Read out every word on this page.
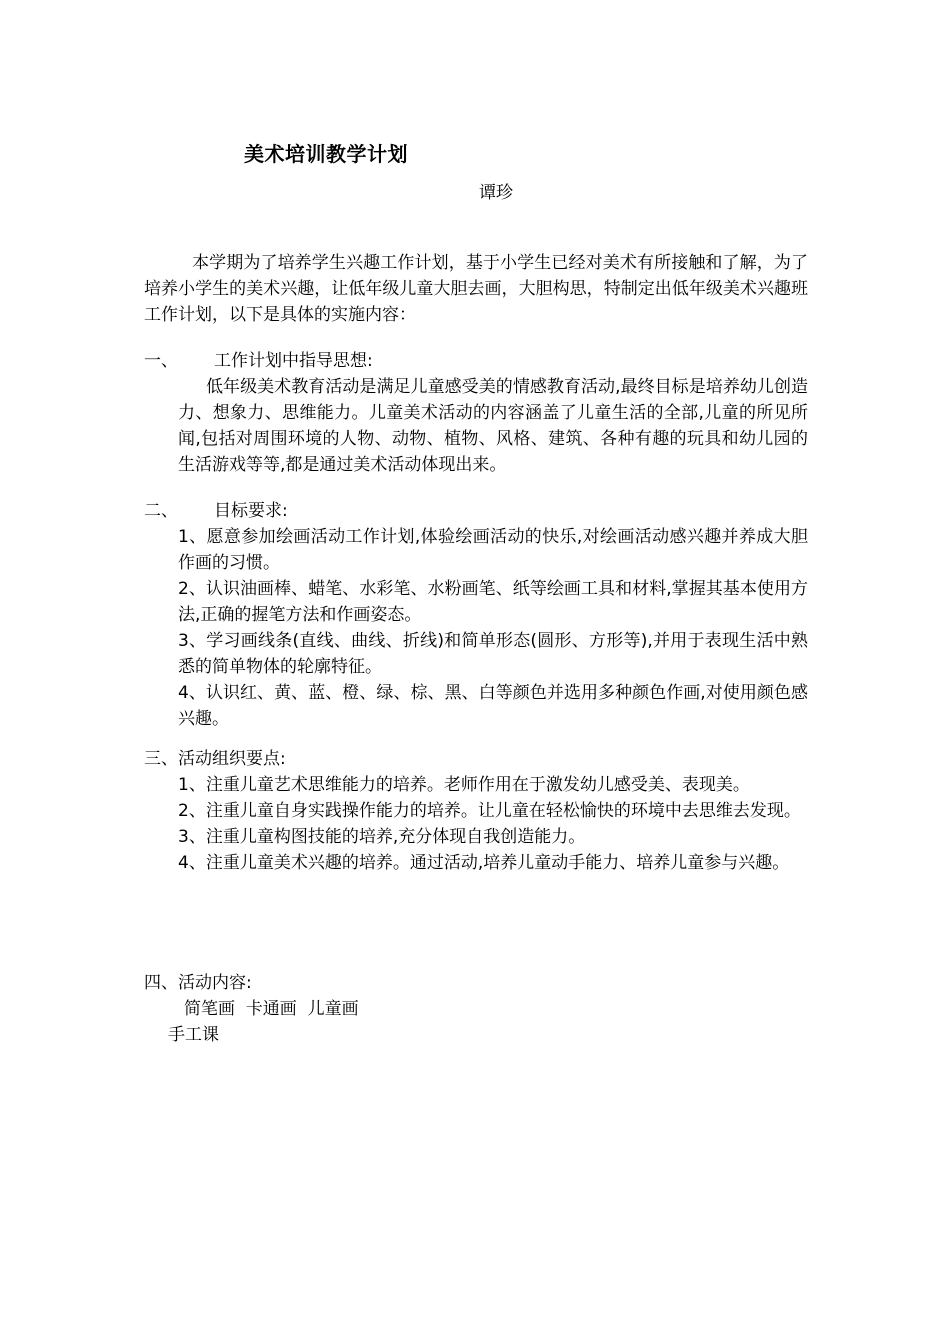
美术培训教学计划
谭珍
本学期为了培养学生兴趣工作计划，基于小学生已经对美术有所接触和了解，为了培养小学生的美术兴趣，让低年级儿童大胆去画，大胆构思，特制定出低年级美术兴趣班工作计划，以下是具体的实施内容：
一、	工作计划中指导思想:
低年级美术教育活动是满足儿童感受美的情感教育活动,最终目标是培养幼儿创造力、想象力、思维能力。儿童美术活动的内容涵盖了儿童生活的全部,儿童的所见所闻,包括对周围环境的人物、动物、植物、风格、建筑、各种有趣的玩具和幼儿园的生活游戏等等,都是通过美术活动体现出来。
二、	目标要求:
1、愿意参加绘画活动工作计划,体验绘画活动的快乐,对绘画活动感兴趣并养成大胆作画的习惯。
2、认识油画棒、蜡笔、水彩笔、水粉画笔、纸等绘画工具和材料,掌握其基本使用方法,正确的握笔方法和作画姿态。
3、学习画线条(直线、曲线、折线)和简单形态(圆形、方形等),并用于表现生活中熟悉的简单物体的轮廓特征。
4、认识红、黄、蓝、橙、绿、棕、黑、白等颜色并选用多种颜色作画,对使用颜色感兴趣。
三、 活动组织要点:
1、注重儿童艺术思维能力的培养。老师作用在于激发幼儿感受美、表现美。
2、注重儿童自身实践操作能力的培养。让儿童在轻松愉快的环境中去思维去发现。
3、注重儿童构图技能的培养,充分体现自我创造能力。
4、注重儿童美术兴趣的培养。通过活动,培养儿童动手能力、培养儿童参与兴趣。
四、 活动内容:
简笔画  卡通画  儿童画
手工课
